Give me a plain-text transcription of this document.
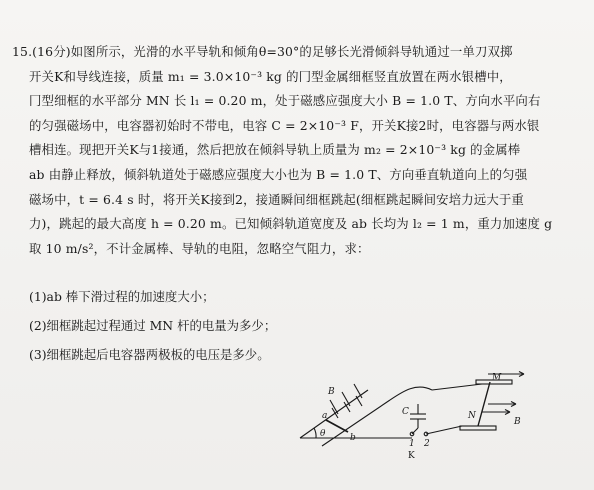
15.(16分)如图所示，光滑的水平导轨和倾角θ=30°的足够长光滑倾斜导轨通过一单刀双掷
开关K和导线连接，质量 m₁ = 3.0×10⁻³ kg 的冂型金属细框竖直放置在两水银槽中，
冂型细框的水平部分 MN 长 l₁ = 0.20 m，处于磁感应强度大小 B = 1.0 T、方向水平向右
的匀强磁场中，电容器初始时不带电，电容 C = 2×10⁻³ F，开关K接2时，电容器与两水银
槽相连。现把开关K与1接通，然后把放在倾斜导轨上质量为 m₂ = 2×10⁻³ kg 的金属棒
ab 由静止释放，倾斜轨道处于磁感应强度大小也为 B = 1.0 T、方向垂直轨道向上的匀强
磁场中，t = 6.4 s 时，将开关K接到2，接通瞬间细框跳起(细框跳起瞬间安培力远大于重
力)，跳起的最大高度 h = 0.20 m。已知倾斜轨道宽度及 ab 长均为 l₂ = 1 m，重力加速度 g
取 10 m/s²，不计金属棒、导轨的电阻，忽略空气阻力，求：
(1)ab 棒下滑过程的加速度大小；
(2)细框跳起过程通过 MN 杆的电量为多少；
(3)细框跳起后电容器两极板的电压是多少。
a
b
B
θ
C
1 2
K
M
N
B
